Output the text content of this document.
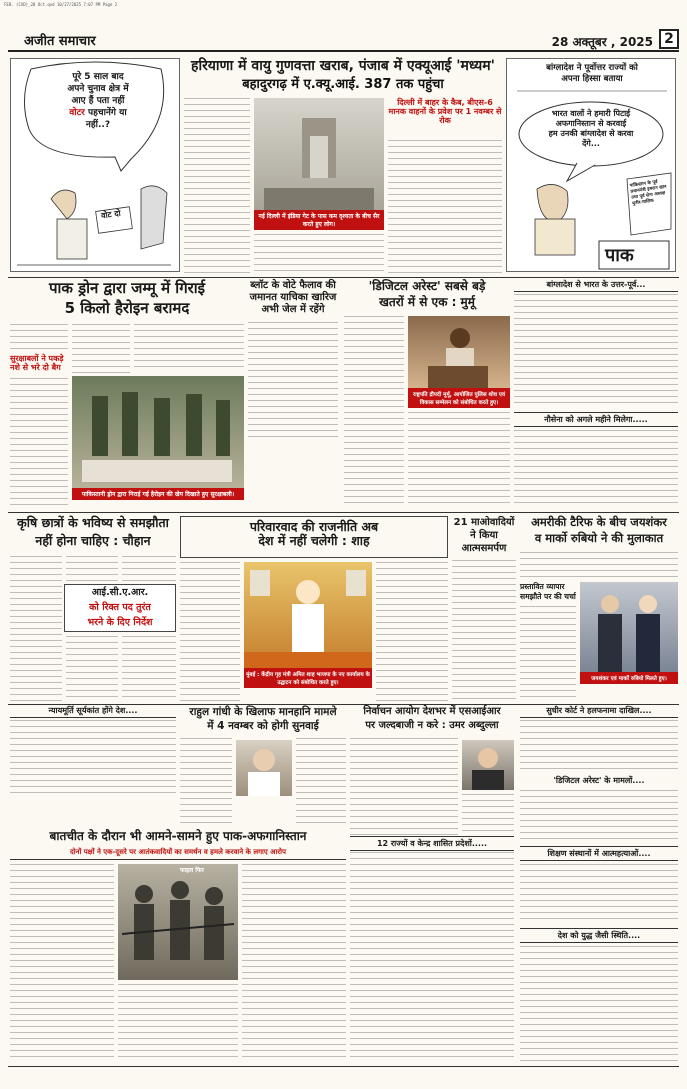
FEB. (CXD)_28 Oct.qxd 10/27/2025 7:07 PM Page 2
अजीत समाचार	28 अक्तूबर , 2025 2
पूरे 5 साल बाद
अपने चुनाव क्षेत्र में
आए हैं पता नहीं
वोटर पहचानेंगे या
नहीं..?
वोट दो
हरियाणा में वायु गुणवत्ता खराब, पंजाब में एक्यूआई 'मध्यम'
बहादुरगढ़ में ए.क्यू.आई. 387 तक पहुंचा
नई दिल्ली में इंडिया गेट के पास कम दृश्यता के बीच सैर करते हुए लोग।
दिल्ली में बाहर के कैब, बीएस-6 मानक वाहनों के प्रवेश पर 1 नवम्बर से रोक
बांग्लादेश ने पूर्वोत्तर राज्यों को
अपना हिस्सा बताया
भारत वालों ने हमारी पिटाई
अफगानिस्तान से करवाई
हम उनकी बांग्लादेश से करवा
देंगे...
पाक
पाकिस्तान के पूर्व प्रधानमंत्री इमरान खान तथा पूर्व सेना अध्यक्ष मुनीर-मालिक
पाक ड्रोन द्वारा जम्मू में गिराई
5 किलो हैरोइन बरामद
सुरक्षाबलों ने पकड़े
नशे से भरे दो बैग
पाकिस्तानी ड्रोन द्वारा गिराई गई हैरोइन की खेप दिखाते हुए सुरक्षाबली।
ब्लॉट के वोटे फैलाव की
जमानत याचिका खारिज
अभी जेल में रहेंगे
'डिजिटल अरेस्ट' सबसे बड़े
खतरों में से एक : मुर्मू
राष्ट्रपति द्रौपदी मुर्मू, आयोजित पुलिस शोध एवं विकास सम्मेलन को संबोधित करते हुए।
बांग्लादेश से भारत के उत्तर-पूर्व...
नौसेना को अगले महीने मिलेगा.....
कृषि छात्रों के भविष्य से समझौता
नहीं होना चाहिए : चौहान
आई.सी.ए.आर.
को रिक्त पद तुरंत
भरने के दिए निर्देश
परिवारवाद की राजनीति अब
देश में नहीं चलेगी : शाह
मुंबई : केंद्रीय गृह मंत्री अमित शाह भाजपा के नए कार्यालय के उद्घाटन को संबोधित करते हुए।
21 माओवादियों
ने किया
आत्मसमर्पण
अमरीकी टैरिफ के बीच जयशंकर
व मार्को रुबियो ने की मुलाकात
प्रस्तावित व्यापार
समझौते पर की चर्चा
जयशंकर एवं मार्को रुबियो मिलते हुए।
न्यायमूर्ति सूर्यकांत होंगे देश....	राहुल गांधी के खिलाफ मानहानि मामले
में 4 नवम्बर को होगी सुनवाई
निर्वाचन आयोग देशभर में एसआईआर
पर जल्दबाजी न करे : उमर अब्दुल्ला
सुधीर कोर्ट ने हलफनामा दाखिल....
'डिजिटल अरेस्ट' के मामलों....
शिक्षण संस्थानों में आत्महत्याओं....
देश को युद्ध जैसी स्थिति....
12 राज्यों व केन्द्र शासित प्रदेशों.....
बातचीत के दौरान भी आमने-सामने हुए पाक-अफगानिस्तान
दोनों पक्षों ने एक-दूसरे पर आतंकवादियों का समर्थन व हमले करवाने के लगाए आरोप
फाइल फिर
